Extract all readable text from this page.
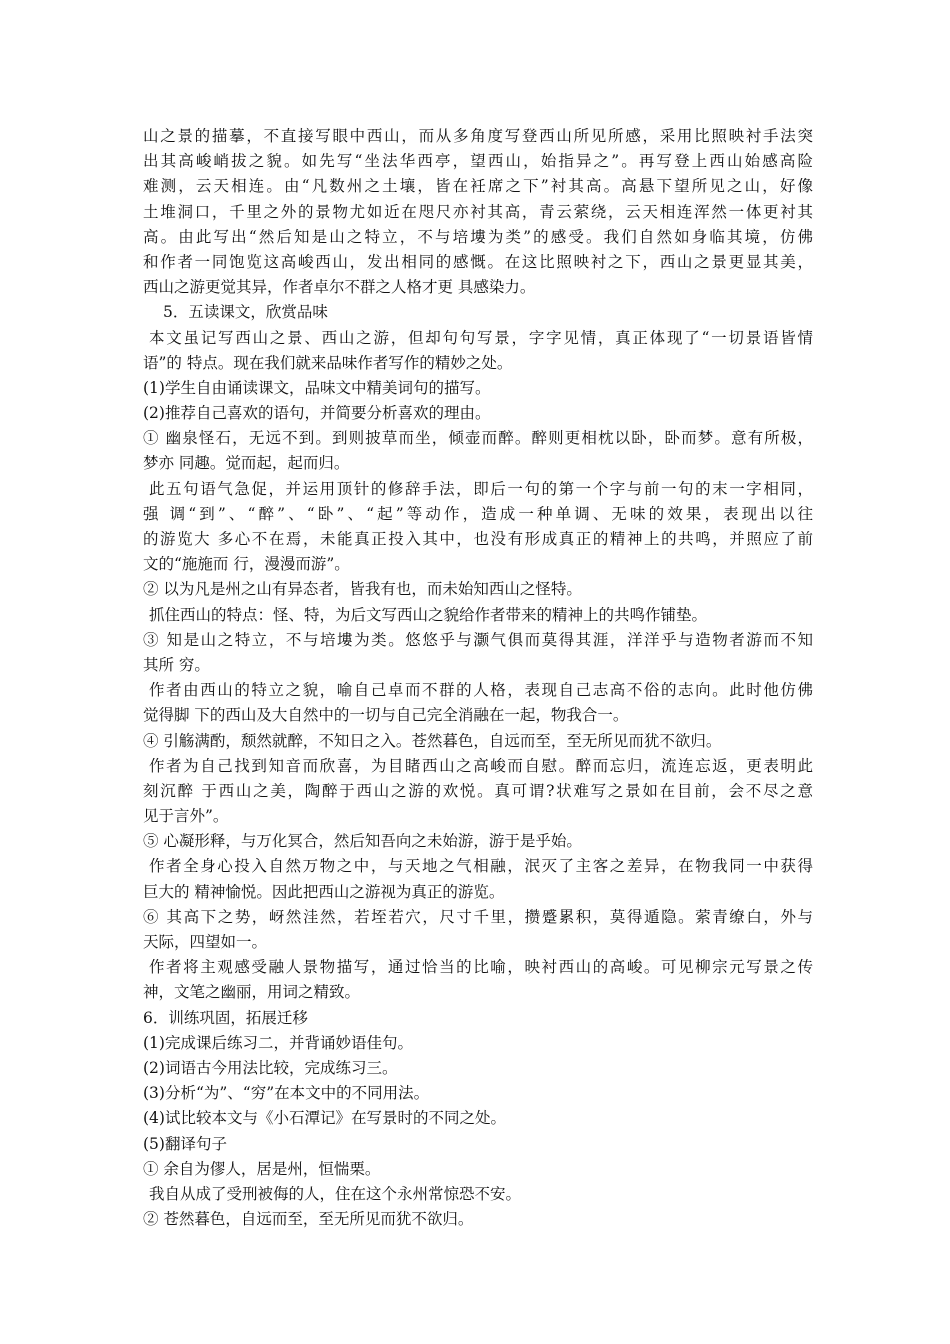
山之景的描摹，不直接写眼中西山，而从多角度写登西山所见所感，采用比照映衬手法突
出其高峻峭拔之貌。如先写“坐法华西亭，望西山，始指异之”。再写登上西山始感高险
难测，云天相连。由“凡数州之土壤，皆在衽席之下”衬其高。高悬下望所见之山，好像
土堆洞口，千里之外的景物尤如近在咫尺亦衬其高，青云萦绕，云天相连浑然一体更衬其
高。由此写出“然后知是山之特立，不与培塿为类”的感受。我们自然如身临其境，仿佛
和作者一同饱览这高峻西山，发出相同的感慨。在这比照映衬之下，西山之景更显其美，
西山之游更觉其异，作者卓尔不群之人格才更 具感染力。
5．五读课文，欣赏品味
本文虽记写西山之景、西山之游，但却句句写景，字字见情，真正体现了“一切景语皆情
语”的 特点。现在我们就来品味作者写作的精妙之处。
(1)学生自由诵读课文，品味文中精美词句的描写。
(2)推荐自己喜欢的语句，并简要分析喜欢的理由。
① 幽泉怪石，无远不到。到则披草而坐，倾壶而醉。醉则更相枕以卧，卧而梦。意有所极，
梦亦 同趣。觉而起，起而归。
此五句语气急促，并运用顶针的修辞手法，即后一句的第一个字与前一句的末一字相同，
强 调“到”、“醉”、“卧”、“起”等动作，造成一种单调、无味的效果，表现出以往
的游览大 多心不在焉，未能真正投入其中，也没有形成真正的精神上的共鸣，并照应了前
文的“施施而 行，漫漫而游”。
② 以为凡是州之山有异态者，皆我有也，而未始知西山之怪特。
抓住西山的特点：怪、特，为后文写西山之貌给作者带来的精神上的共鸣作铺垫。
③ 知是山之特立，不与培塿为类。悠悠乎与灏气俱而莫得其涯，洋洋乎与造物者游而不知
其所 穷。
作者由西山的特立之貌，喻自己卓而不群的人格，表现自己志高不俗的志向。此时他仿佛
觉得脚 下的西山及大自然中的一切与自己完全消融在一起，物我合一。
④ 引觞满酌，颓然就醉，不知日之入。苍然暮色，自远而至，至无所见而犹不欲归。
作者为自己找到知音而欣喜，为目睹西山之高峻而自慰。醉而忘归，流连忘返，更表明此
刻沉醉 于西山之美，陶醉于西山之游的欢悦。真可谓?状难写之景如在目前，会不尽之意
见于言外”。
⑤ 心凝形释，与万化冥合，然后知吾向之未始游，游于是乎始。
作者全身心投入自然万物之中，与天地之气相融，泯灭了主客之差异，在物我同一中获得
巨大的 精神愉悦。因此把西山之游视为真正的游览。
⑥ 其高下之势，岈然洼然，若垤若穴，尺寸千里，攒蹙累积，莫得遁隐。萦青缭白，外与
天际，四望如一。
作者将主观感受融人景物描写，通过恰当的比喻，映衬西山的高峻。可见柳宗元写景之传
神，文笔之幽丽，用词之精致。
6．训练巩固，拓展迁移
(1)完成课后练习二，并背诵妙语佳句。
(2)词语古今用法比较，完成练习三。
(3)分析“为”、“穷”在本文中的不同用法。
(4)试比较本文与《小石潭记》在写景时的不同之处。
(5)翻译句子
① 余自为僇人，居是州，恒惴栗。
我自从成了受刑被侮的人，住在这个永州常惊恐不安。
② 苍然暮色，自远而至，至无所见而犹不欲归。
